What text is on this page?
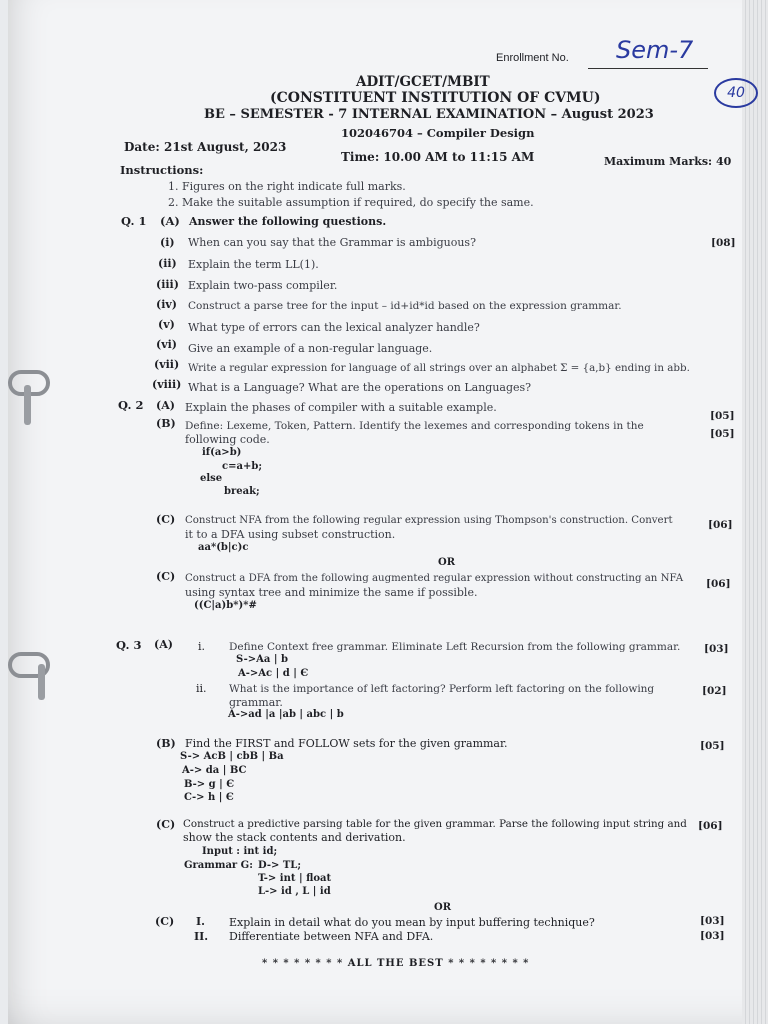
Enrollment No. Sem-7
40
ADIT/GCET/MBIT
(CONSTITUENT INSTITUTION OF CVMU)
BE – SEMESTER - 7 INTERNAL EXAMINATION – August 2023
102046704 – Compiler Design
Date: 21st August, 2023
Time: 10.00 AM to 11:15 AM	Maximum Marks: 40
Instructions:
1. Figures on the right indicate full marks.
2. Make the suitable assumption if required, do specify the same.
Q. 1 (A) Answer the following questions.
[08]
(i) When can you say that the Grammar is ambiguous?
(ii) Explain the term LL(1).
(iii) Explain two-pass compiler.
(iv) Construct a parse tree for the input – id+id*id based on the expression grammar.
(v) What type of errors can the lexical analyzer handle?
(vi) Give an example of a non-regular language.
(vii) Write a regular expression for language of all strings over an alphabet Σ = {a,b} ending in abb.
(viii) What is a Language? What are the operations on Languages?
Q. 2 (A) Explain the phases of compiler with a suitable example.
[05]
(B) Define: Lexeme, Token, Pattern. Identify the lexemes and corresponding tokens in the
following code.	[05]
if(a>b)
c=a+b;
else
break;
(C) Construct NFA from the following regular expression using Thompson's construction. Convert
it to a DFA using subset construction.
aa*(b|c)c
[06]
OR
(C) Construct a DFA from the following augmented regular expression without constructing an NFA
using syntax tree and minimize the same if possible.
((C|a)b*)*#
[06]
Q. 3 (A) i. Define Context free grammar. Eliminate Left Recursion from the following grammar. [03]
S->Aa | b
A->Ac | d | Є
ii. What is the importance of left factoring? Perform left factoring on the following
grammar.
[02]
A->ad |a |ab | abc | b
(B) Find the FIRST and FOLLOW sets for the given grammar.	[05]
S-> AcB | cbB | Ba
A-> da | BC
B-> g | Є
C-> h | Є
(C) Construct a predictive parsing table for the given grammar. Parse the following input string and
show the stack contents and derivation.
[06]
Input : int id;
Grammar G: D-> TL;
T-> int | float
L-> id , L | id
OR
(C) I. Explain in detail what do you mean by input buffering technique?	[03]
II. Differentiate between NFA and DFA.	[03]
* * * * * * * * ALL THE BEST * * * * * * * *
